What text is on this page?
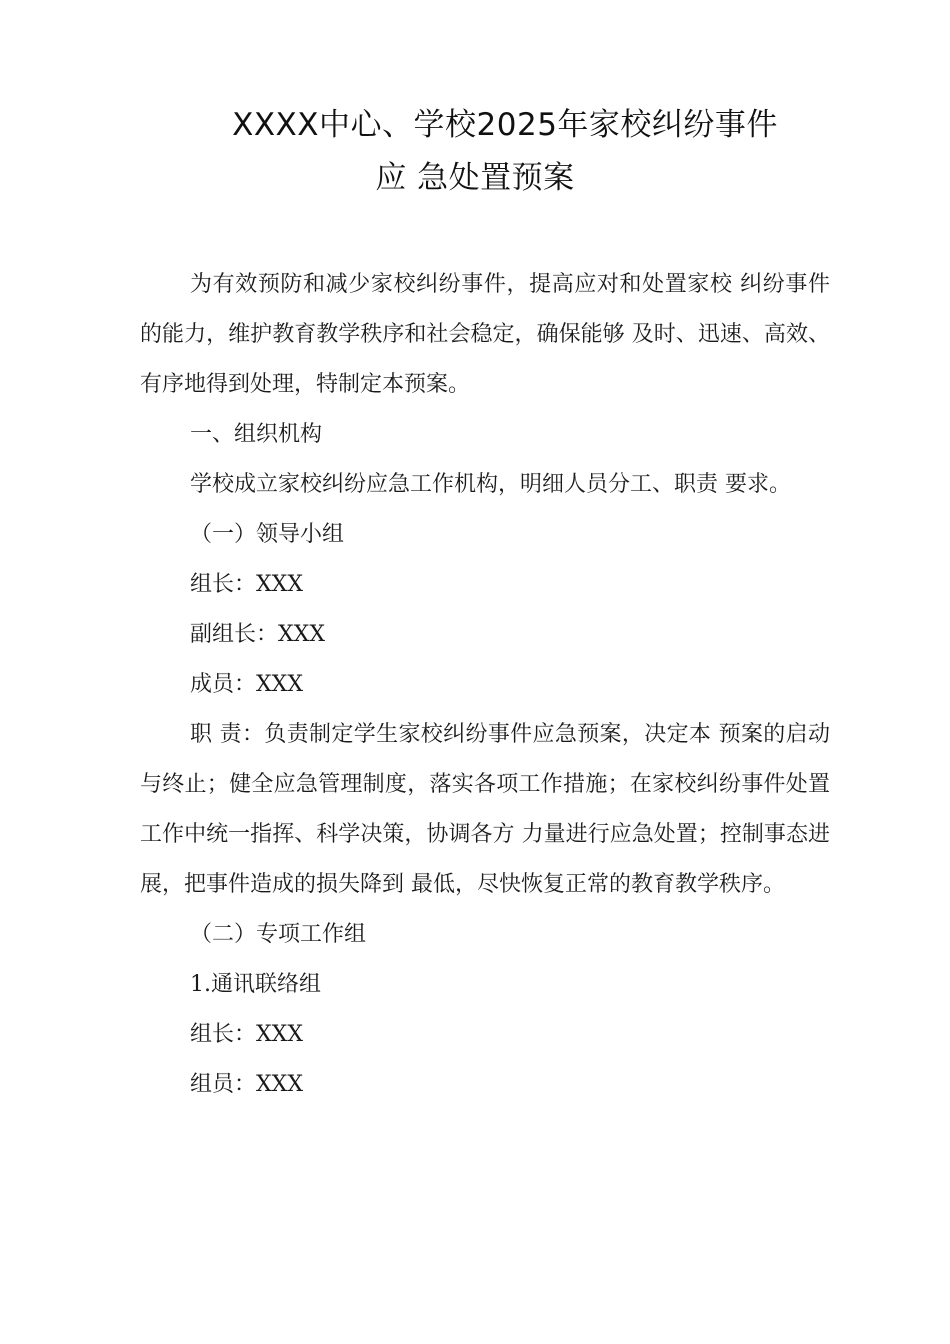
XXXX中心、学校2025年家校纠纷事件
应 急处置预案

为有效预防和减少家校纠纷事件，提高应对和处置家校 纠纷事件的能力，维护教育教学秩序和社会稳定，确保能够 及时、迅速、高效、有序地得到处理，特制定本预案。

一、组织机构

学校成立家校纠纷应急工作机构，明细人员分工、职责 要求。

（一）领导小组

组长：XXX

副组长：XXX

成员：XXX

职 责：负责制定学生家校纠纷事件应急预案，决定本 预案的启动与终止；健全应急管理制度，落实各项工作措施；在家校纠纷事件处置工作中统一指挥、科学决策，协调各方 力量进行应急处置；控制事态进展，把事件造成的损失降到 最低，尽快恢复正常的教育教学秩序。

（二）专项工作组

1.通讯联络组

组长：XXX

组员：XXX
